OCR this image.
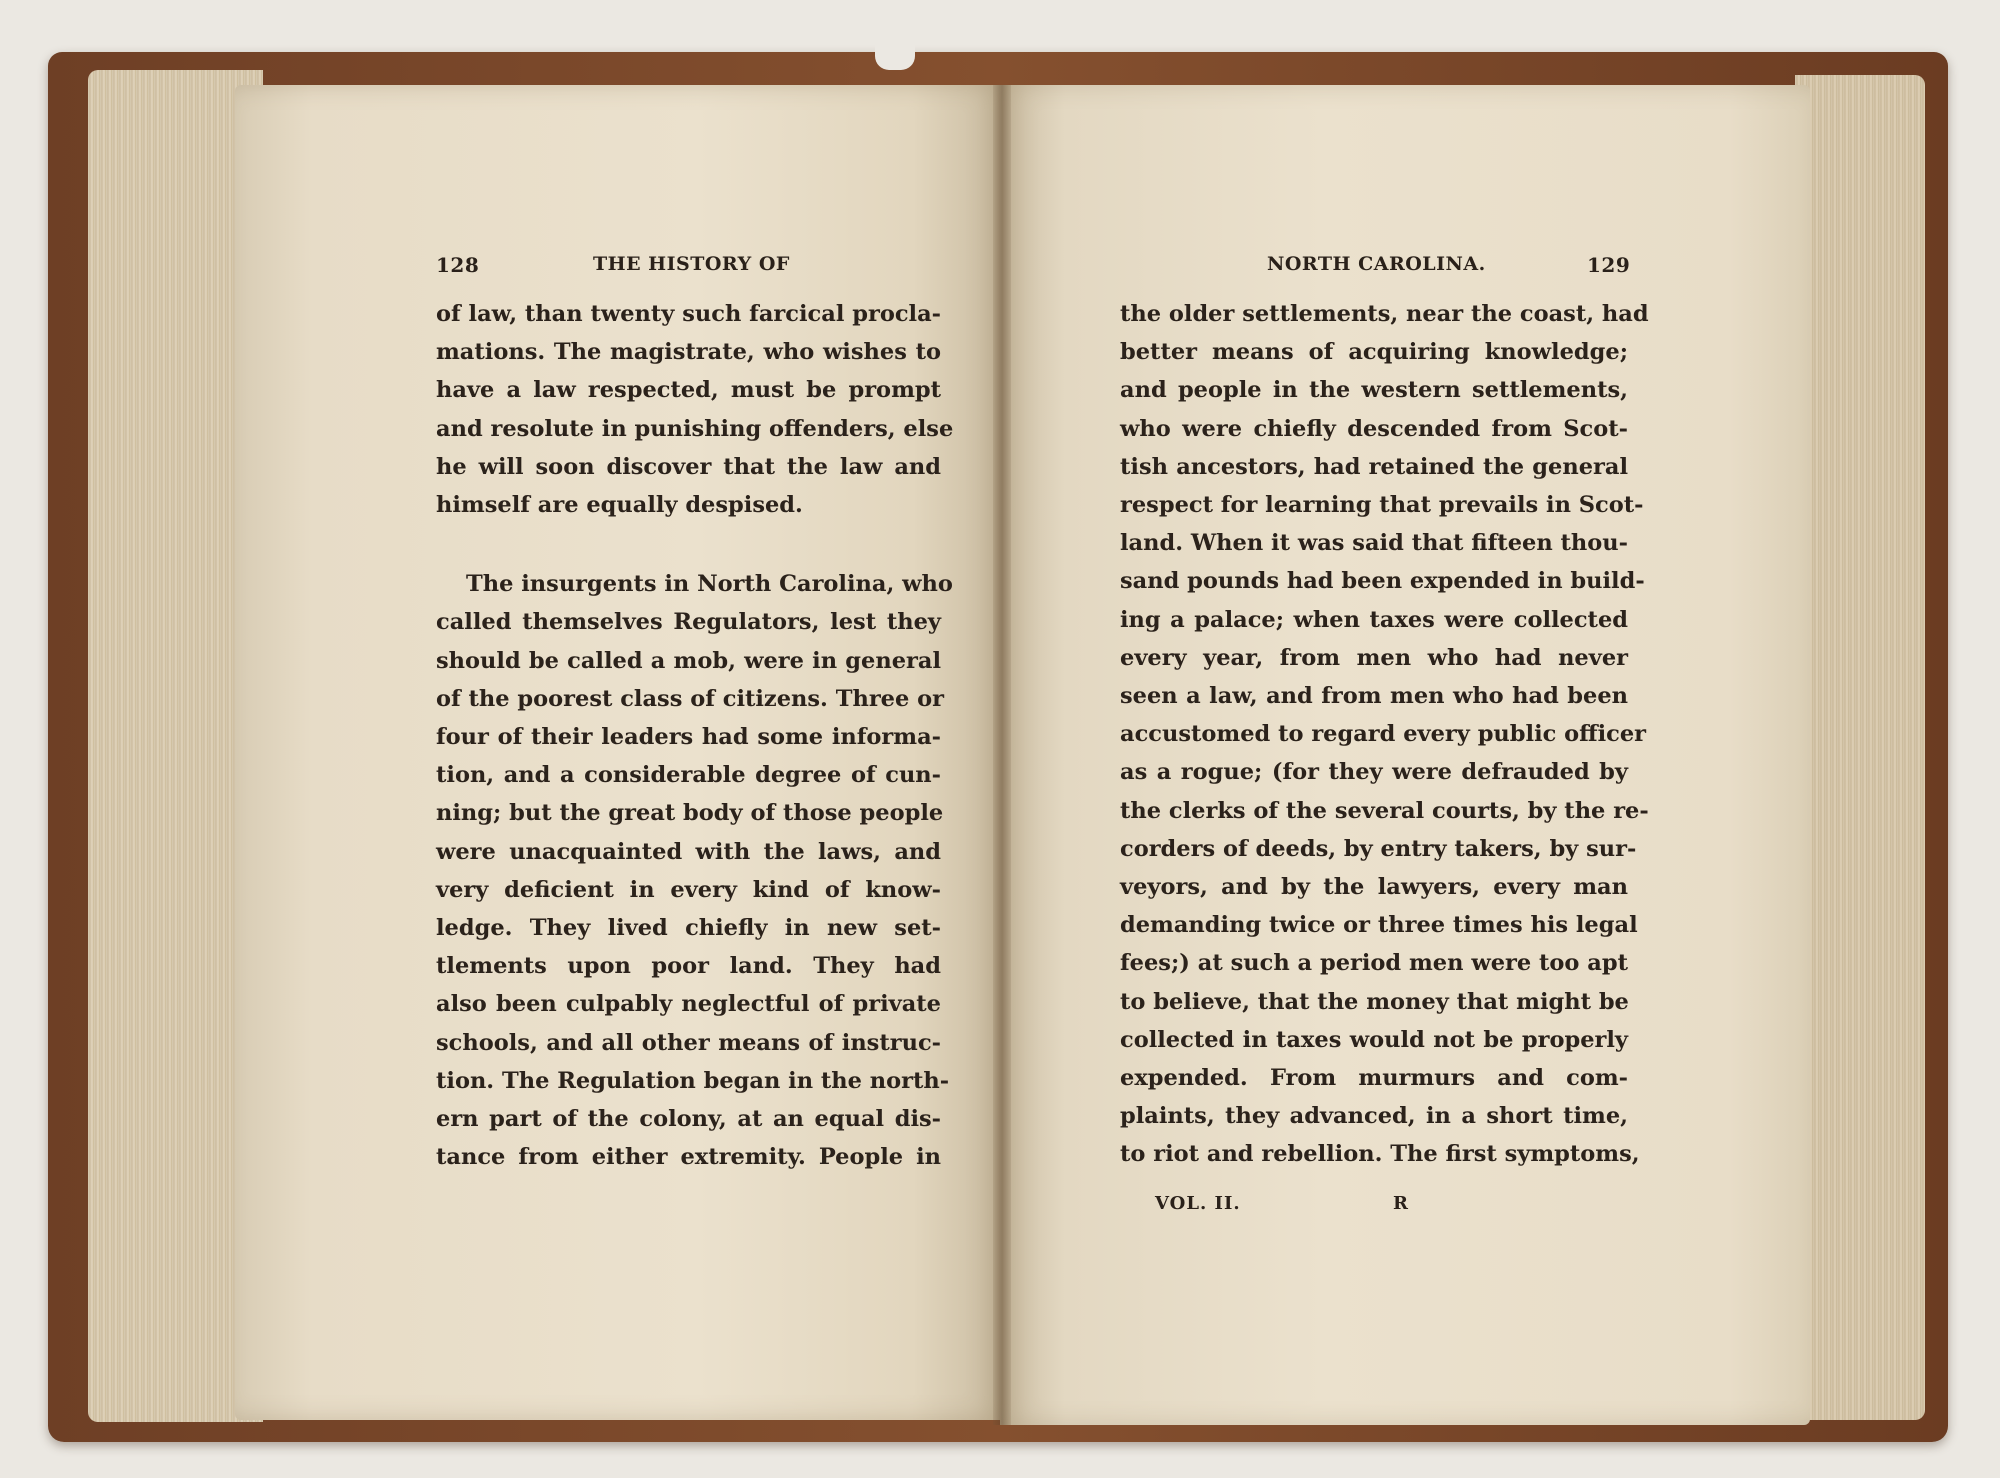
128	THE HISTORY OF
of law, than twenty such farcical procla-
mations. The magistrate, who wishes to
have a law respected, must be prompt
and resolute in punishing offenders, else
he will soon discover that the law and
himself are equally despised.
The insurgents in North Carolina, who
called themselves Regulators, lest they
should be called a mob, were in general
of the poorest class of citizens. Three or
four of their leaders had some informa-
tion, and a considerable degree of cun-
ning; but the great body of those people
were unacquainted with the laws, and
very deficient in every kind of know-
ledge. They lived chiefly in new set-
tlements upon poor land. They had
also been culpably neglectful of private
schools, and all other means of instruc-
tion. The Regulation began in the north-
ern part of the colony, at an equal dis-
tance from either extremity. People in
NORTH CAROLINA.	129
the older settlements, near the coast, had
better means of acquiring knowledge;
and people in the western settlements,
who were chiefly descended from Scot-
tish ancestors, had retained the general
respect for learning that prevails in Scot-
land. When it was said that fifteen thou-
sand pounds had been expended in build-
ing a palace; when taxes were collected
every year, from men who had never
seen a law, and from men who had been
accustomed to regard every public officer
as a rogue; (for they were defrauded by
the clerks of the several courts, by the re-
corders of deeds, by entry takers, by sur-
veyors, and by the lawyers, every man
demanding twice or three times his legal
fees;) at such a period men were too apt
to believe, that the money that might be
collected in taxes would not be properly
expended. From murmurs and com-
plaints, they advanced, in a short time,
to riot and rebellion. The first symptoms,
VOL. II.	R
